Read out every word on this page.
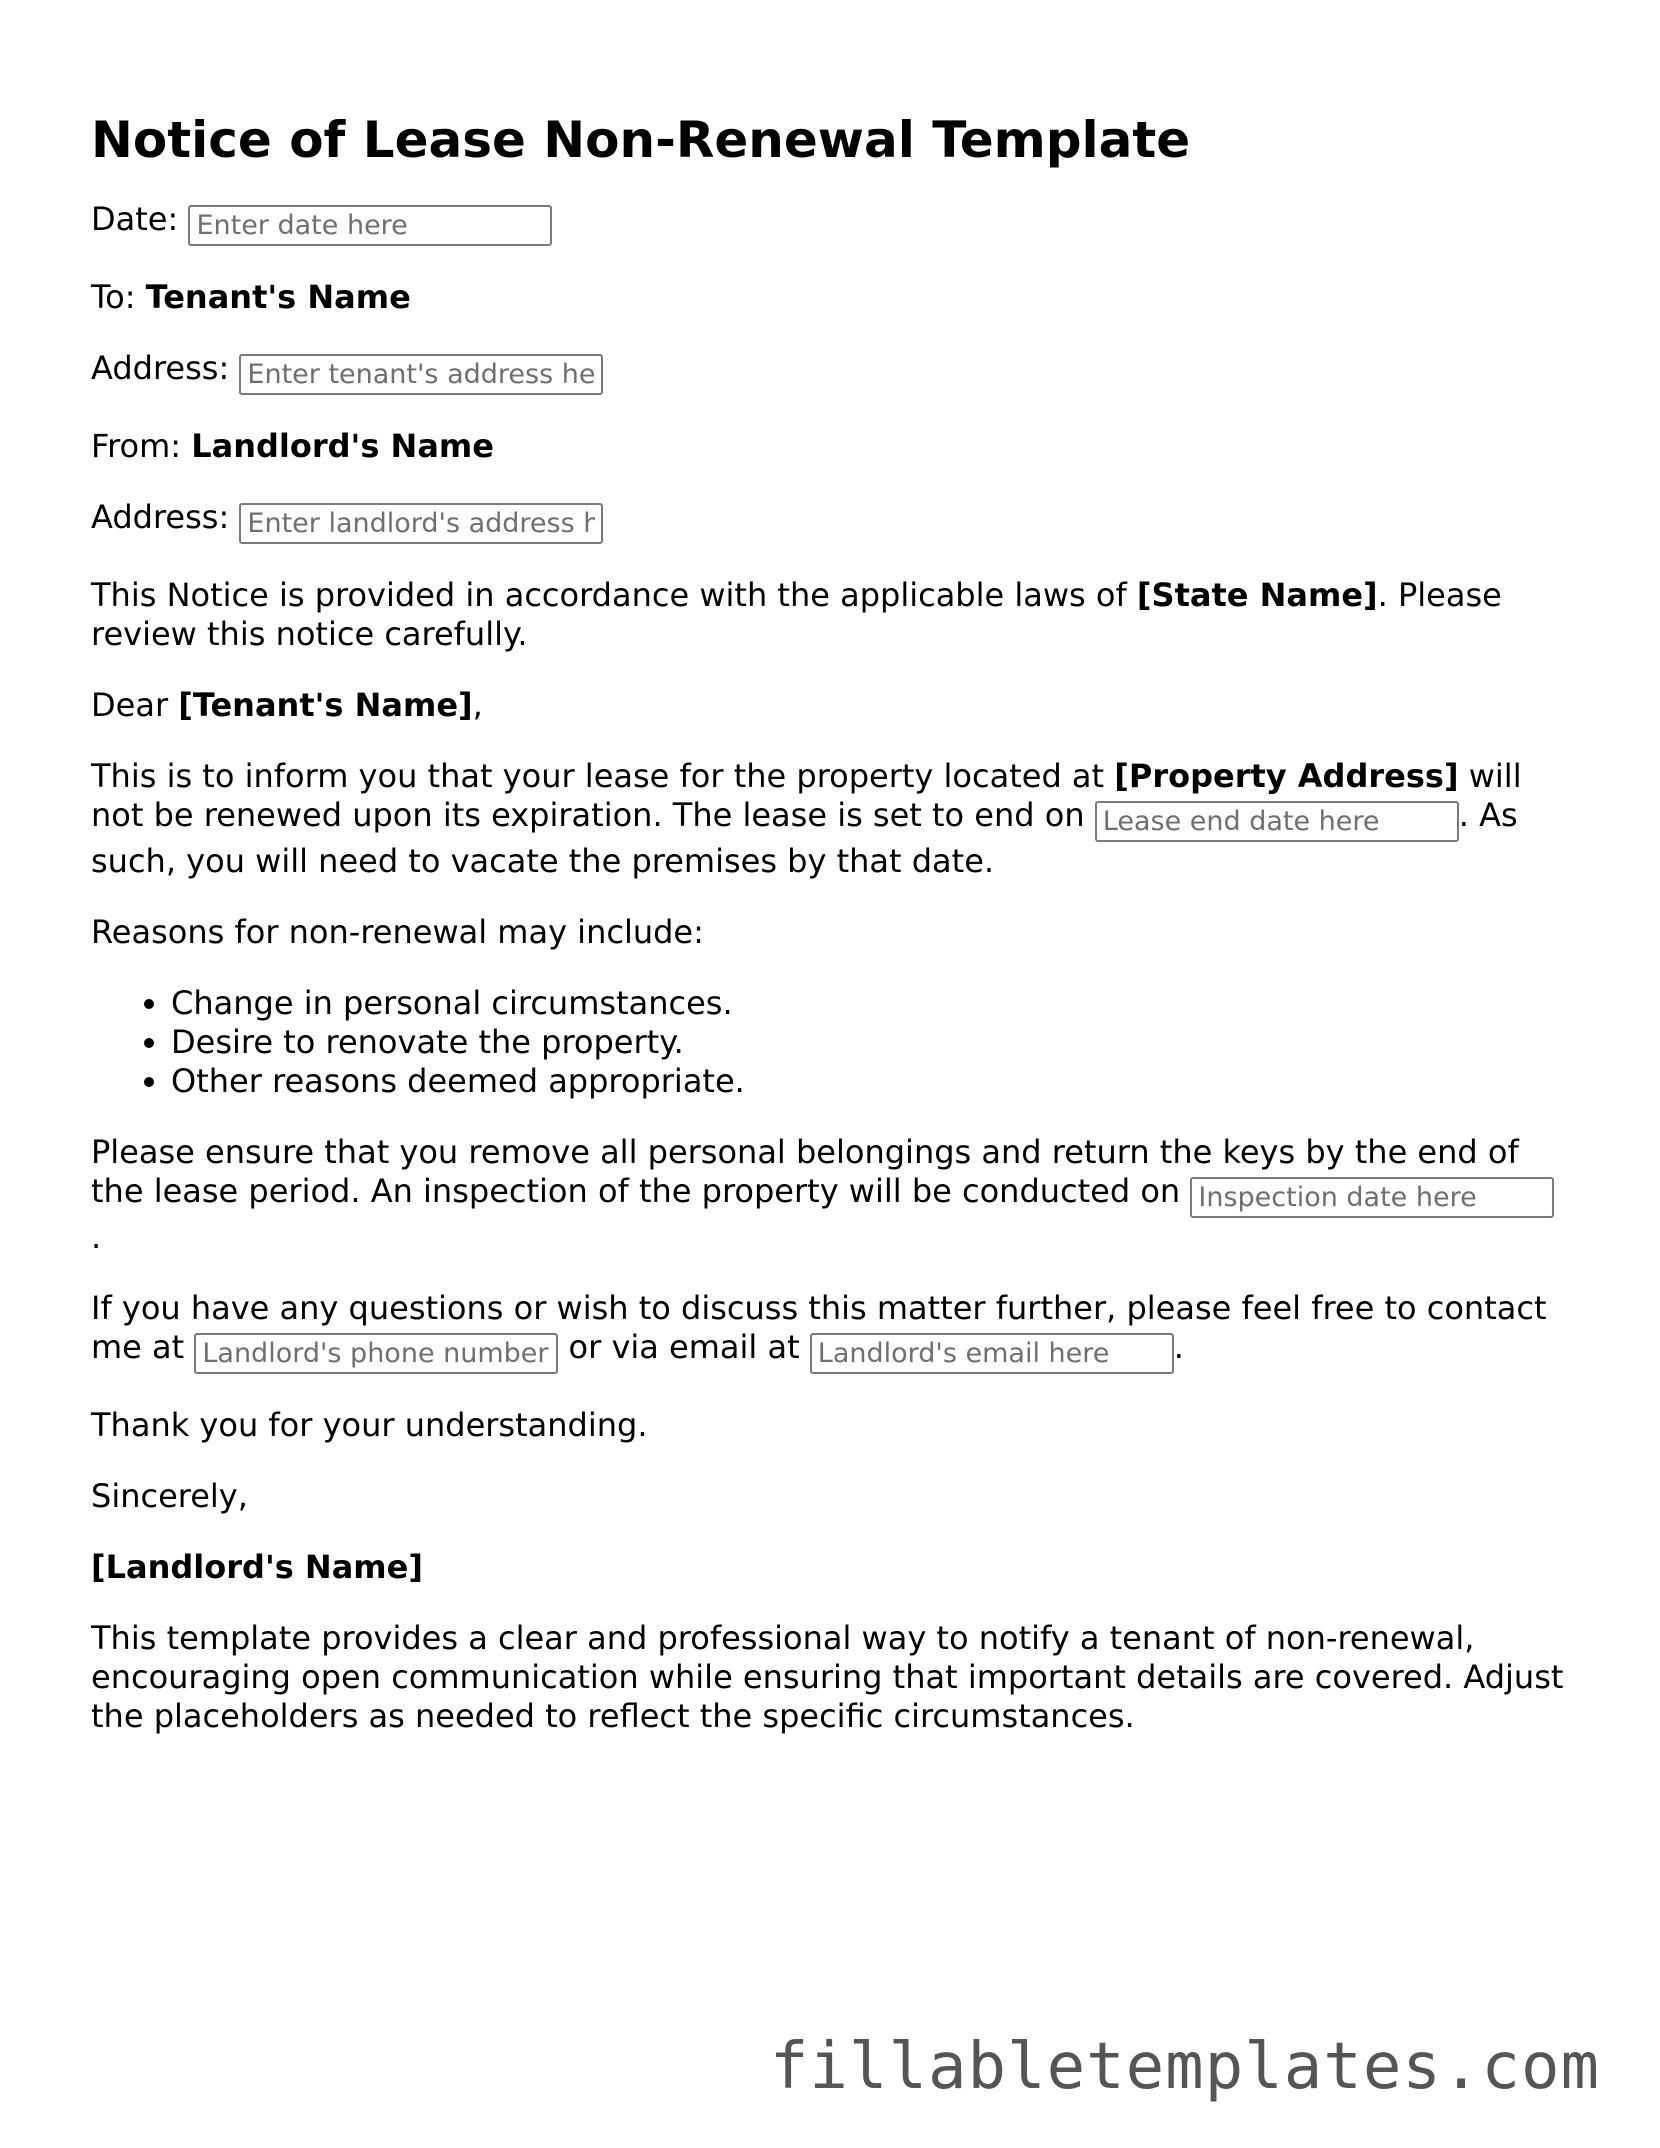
Notice of Lease Non-Renewal Template

Date: Enter date here

To: Tenant's Name

Address: Enter tenant's address here

From: Landlord's Name

Address: Enter landlord's address here

This Notice is provided in accordance with the applicable laws of [State Name]. Please review this notice carefully.

Dear [Tenant's Name],

This is to inform you that your lease for the property located at [Property Address] will not be renewed upon its expiration. The lease is set to end on Lease end date here	. As such, you will need to vacate the premises by that date.

Reasons for non-renewal may include:

• Change in personal circumstances.
• Desire to renovate the property.
• Other reasons deemed appropriate.

Please ensure that you remove all personal belongings and return the keys by the end of the lease period. An inspection of the property will be conducted on Inspection date here
.

If you have any questions or wish to discuss this matter further, please feel free to contact me at Landlord's phone number here	or via email at Landlord's email here	.

Thank you for your understanding.

Sincerely,

[Landlord's Name]

This template provides a clear and professional way to notify a tenant of non-renewal, encouraging open communication while ensuring that important details are covered. Adjust the placeholders as needed to reflect the specific circumstances.

fillabletemplates.com
